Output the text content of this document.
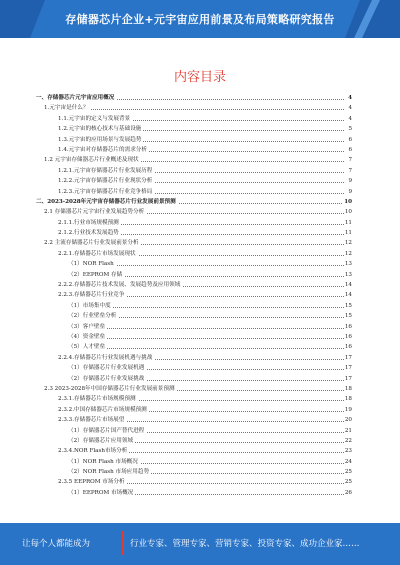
存储器芯片企业+元宇宙应用前景及布局策略研究报告
内容目录
一、存储器芯片元宇宙应用概况	4
1.元宇宙是什么？	4
1.1.元宇宙的定义与发展背景	4
1.2.元宇宙的核心技术与基础设施	5
1.3.元宇宙的应用场景与发展趋势	6
1.4.元宇宙对存储器芯片的需求分析	6
1.2 元宇宙存储器芯片行业概述及现状	7
1.2.1.元宇宙存储器芯片行业发展历程	7
1.2.2.元宇宙存储器芯片行业现状分析	9
1.2.3.元宇宙存储器芯片行业竞争格局	9
二、2023-2028年元宇宙存储器芯片行业发展前景预测	10
2.1 存储器芯片元宇宙行业发展趋势分析	10
2.1.1.行业市场规模预测	11
2.1.2.行业技术发展趋势	11
2.2 主流存储器芯片行业发展前景分析	12
2.2.1.存储器芯片市场发展现状	12
（1）NOR Flash	13
（2）EEPROM 存储	13
2.2.2.存储器芯片技术发展、发展趋势及应用领域	14
2.2.3.存储器芯片行业竞争	14
（1）市场集中度	15
（2）行业壁垒分析	15
（3）客户壁垒	16
（4）资金壁垒	16
（5）人才壁垒	16
2.2.4.存储器芯片行业发展机遇与挑战	17
（1）存储器芯片行业发展机遇	17
（2）存储器芯片行业发展挑战	17
2.3 2023-2028年中国存储器芯片行业发展前景预测	18
2.3.1.存储器芯片市场规模预测	18
2.3.2.中国存储器芯片市场规模预测	19
2.3.3.存储器芯片市场展望	20
（1）存储器芯片国产替代进程	21
（2）存储器芯片应用领域	22
2.3.4.NOR Flash市场分析	23
（1）NOR Flash 市场概况	24
（2）NOR Flash 市场应用趋势	25
2.3.5 EEPROM 市场分析	25
（1）EEPROM 市场概况	26
让每个人都能成为	行业专家、管理专家、营销专家、投资专家、成功企业家……
